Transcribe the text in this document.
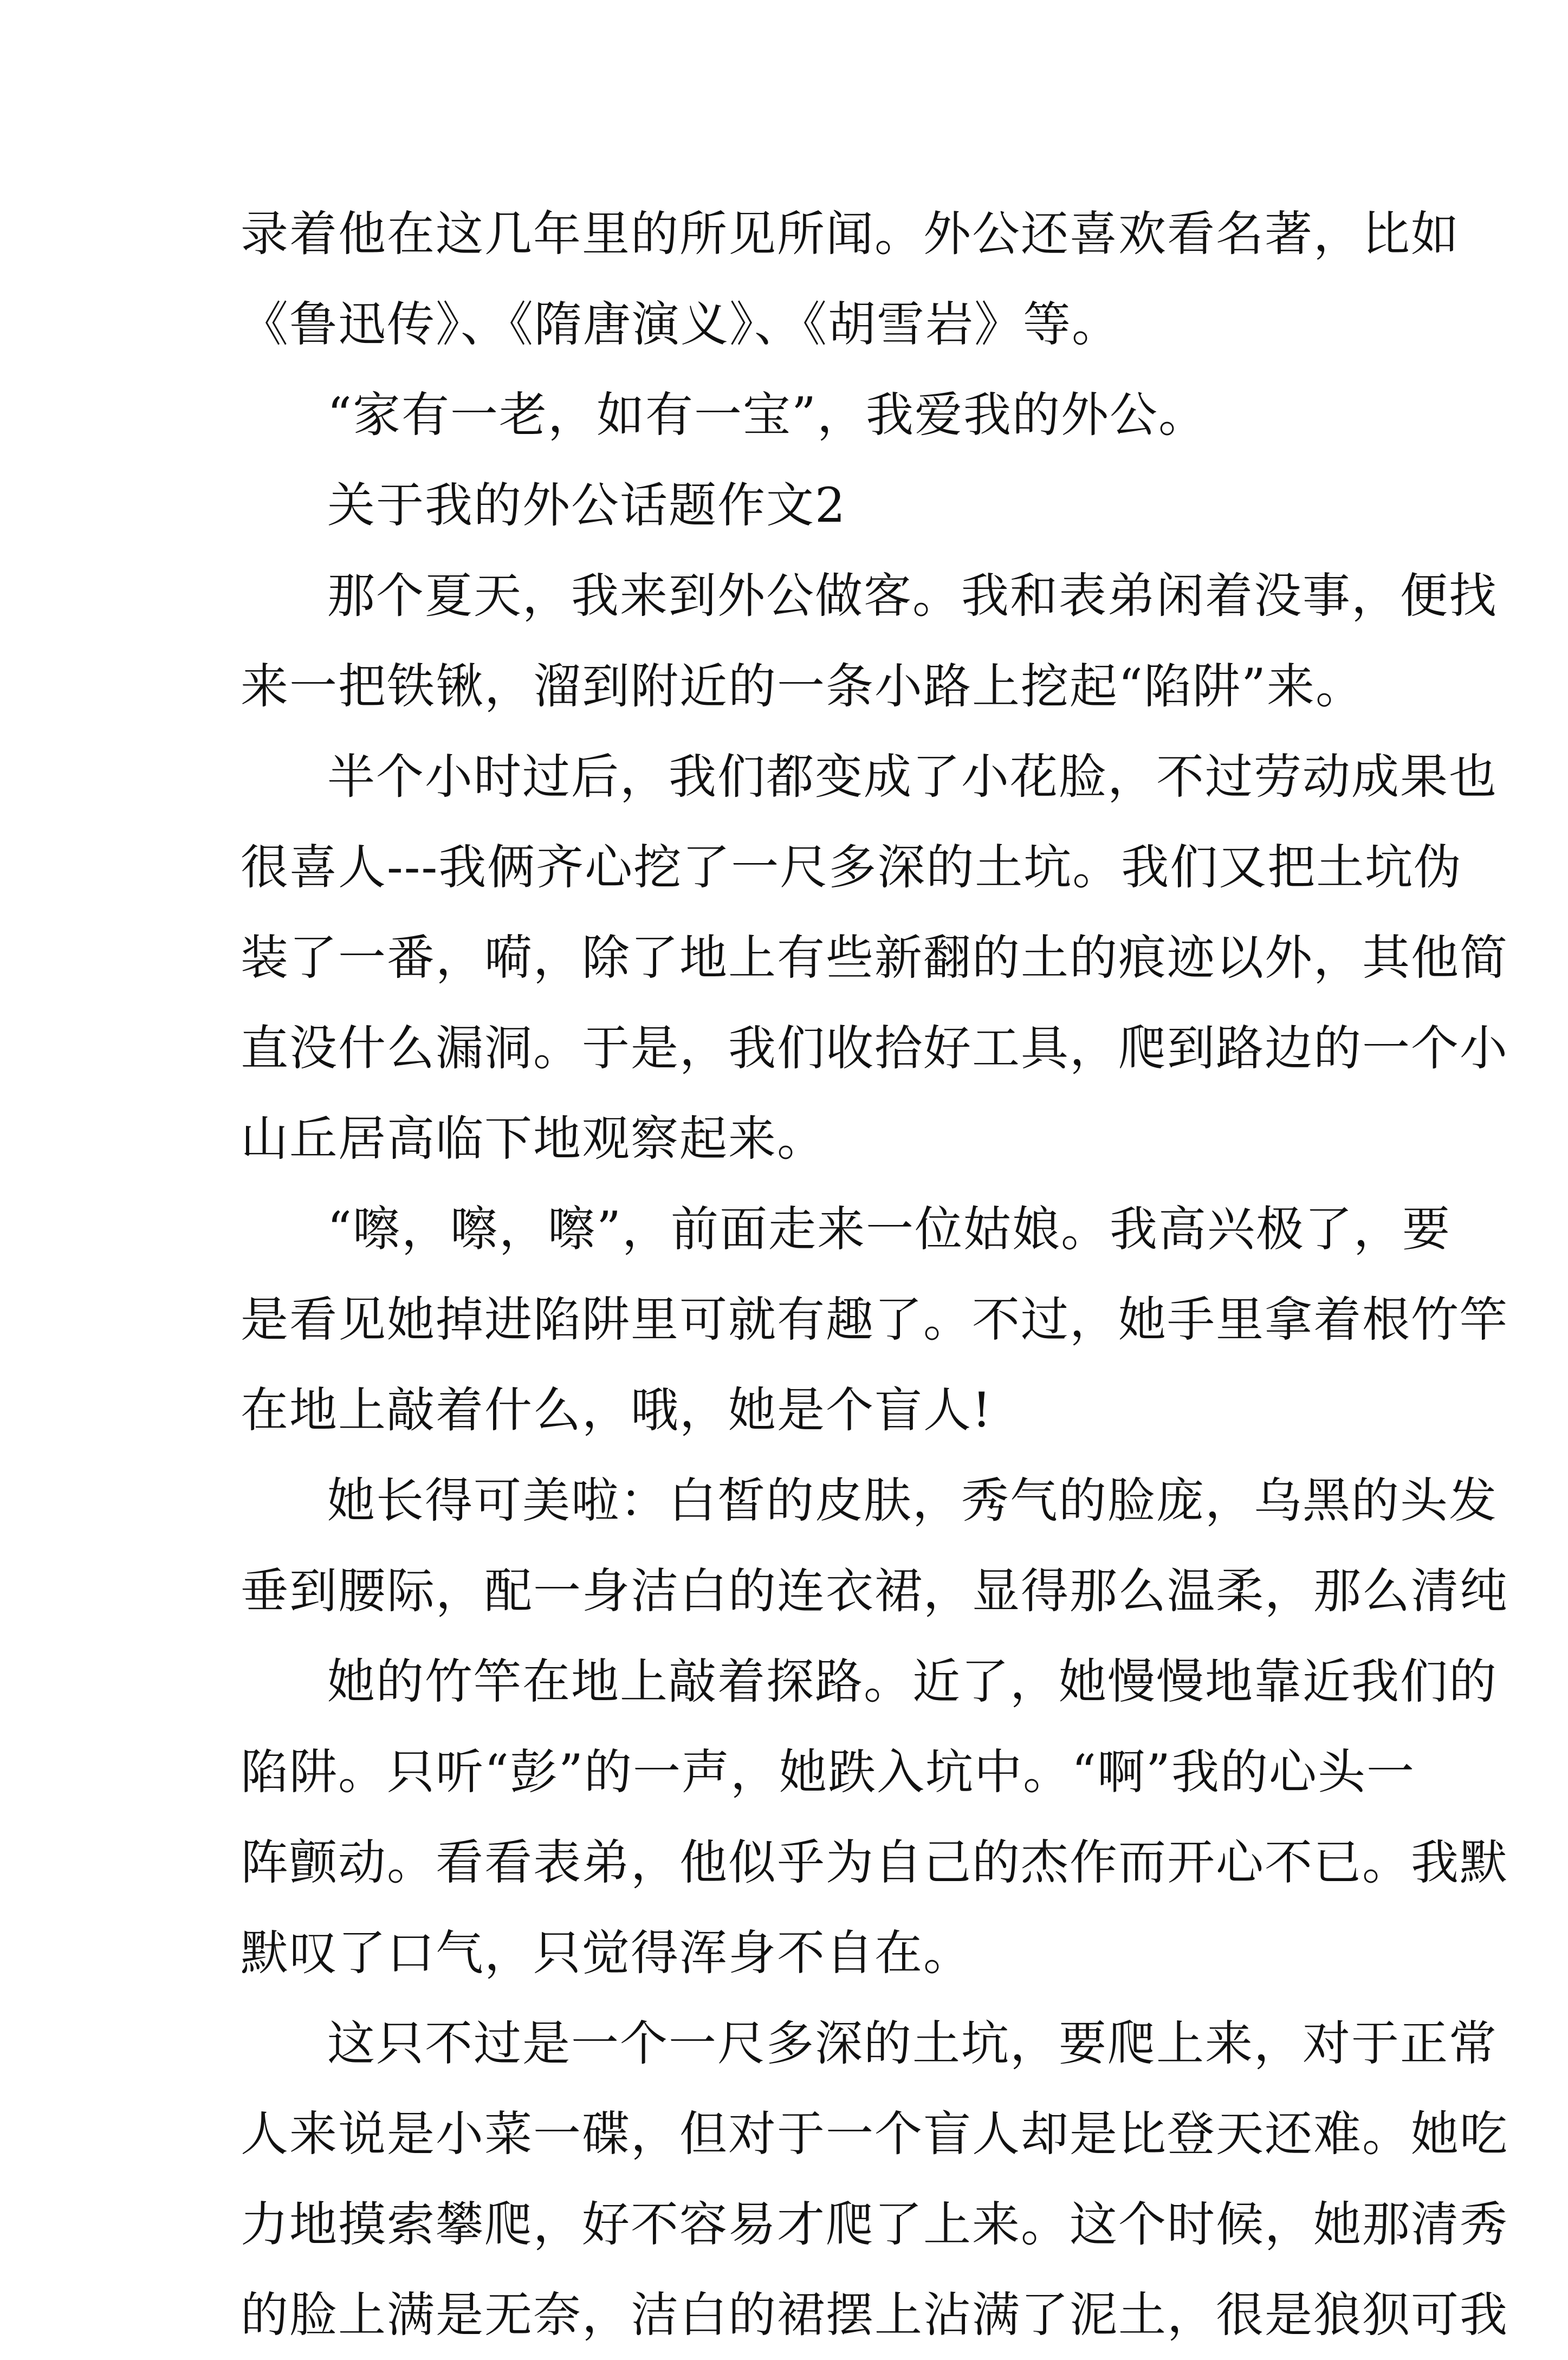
录着他在这几年里的所见所闻。外公还喜欢看名著，比如
《鲁迅传》、《隋唐演义》、《胡雪岩》等。
“家有一老，如有一宝”，我爱我的外公。
关于我的外公话题作文2
那个夏天，我来到外公做客。我和表弟闲着没事，便找
来一把铁锹，溜到附近的一条小路上挖起“陷阱”来。
半个小时过后，我们都变成了小花脸，不过劳动成果也
很喜人---我俩齐心挖了一尺多深的土坑。我们又把土坑伪
装了一番，嗬，除了地上有些新翻的土的痕迹以外，其他简
直没什么漏洞。于是，我们收拾好工具，爬到路边的一个小
山丘居高临下地观察起来。
“嚓，嚓，嚓”，前面走来一位姑娘。我高兴极了，要
是看见她掉进陷阱里可就有趣了。不过，她手里拿着根竹竿
在地上敲着什么，哦，她是个盲人!
她长得可美啦：白皙的皮肤，秀气的脸庞，乌黑的头发
垂到腰际，配一身洁白的连衣裙，显得那么温柔，那么清纯
她的竹竿在地上敲着探路。近了，她慢慢地靠近我们的
陷阱。只听“彭”的一声，她跌入坑中。“啊”我的心头一
阵颤动。看看表弟，他似乎为自己的杰作而开心不已。我默
默叹了口气，只觉得浑身不自在。
这只不过是一个一尺多深的土坑，要爬上来，对于正常
人来说是小菜一碟，但对于一个盲人却是比登天还难。她吃
力地摸索攀爬，好不容易才爬了上来。这个时候，她那清秀
的脸上满是无奈，洁白的裙摆上沾满了泥土，很是狼狈可我
